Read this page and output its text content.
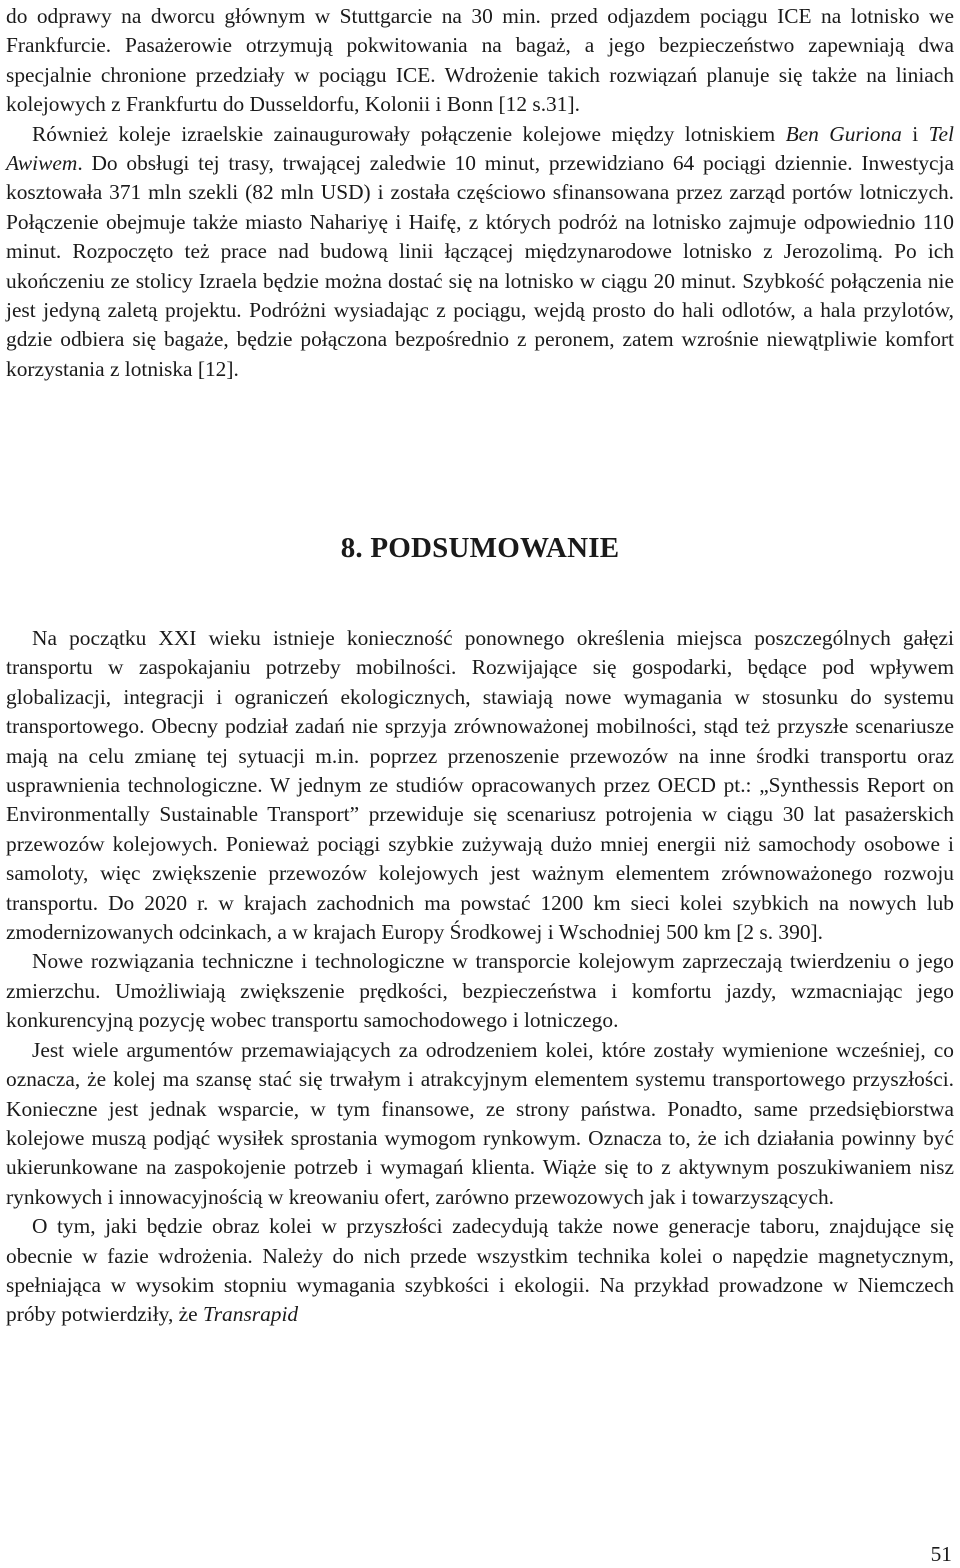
do odprawy na dworcu głównym w Stuttgarcie na 30 min. przed odjazdem pociągu ICE na lotnisko we Frankfurcie. Pasażerowie otrzymują pokwitowania na bagaż, a jego bezpieczeństwo zapewniają dwa specjalnie chronione przedziały w pociągu ICE. Wdrożenie takich rozwiązań planuje się także na liniach kolejowych z Frankfurtu do Dusseldorfu, Kolonii i Bonn [12 s.31].

Również koleje izraelskie zainaugurowały połączenie kolejowe między lotniskiem Ben Guriona i Tel Awiwem. Do obsługi tej trasy, trwającej zaledwie 10 minut, przewidziano 64 pociągi dziennie. Inwestycja kosztowała 371 mln szekli (82 mln USD) i została częściowo sfinansowana przez zarząd portów lotniczych. Połączenie obejmuje także miasto Nahariyę i Haifę, z których podróż na lotnisko zajmuje odpowiednio 110 minut. Rozpoczęto też prace nad budową linii łączącej międzynarodowe lotnisko z Jerozolimą. Po ich ukończeniu ze stolicy Izraela będzie można dostać się na lotnisko w ciągu 20 minut. Szybkość połączenia nie jest jedyną zaletą projektu. Podróżni wysiadając z pociągu, wejdą prosto do hali odlotów, a hala przylotów, gdzie odbiera się bagaże, będzie połączona bezpośrednio z peronem, zatem wzrośnie niewątpliwie komfort korzystania z lotniska [12].

8. PODSUMOWANIE

Na początku XXI wieku istnieje konieczność ponownego określenia miejsca poszczególnych gałęzi transportu w zaspokajaniu potrzeby mobilności. Rozwijające się gospodarki, będące pod wpływem globalizacji, integracji i ograniczeń ekologicznych, stawiają nowe wymagania w stosunku do systemu transportowego. Obecny podział zadań nie sprzyja zrównoważonej mobilności, stąd też przyszłe scenariusze mają na celu zmianę tej sytuacji m.in. poprzez przenoszenie przewozów na inne środki transportu oraz usprawnienia technologiczne. W jednym ze studiów opracowanych przez OECD pt.: „Synthessis Report on Environmentally Sustainable Transport” przewiduje się scenariusz potrojenia w ciągu 30 lat pasażerskich przewozów kolejowych. Ponieważ pociągi szybkie zużywają dużo mniej energii niż samochody osobowe i samoloty, więc zwiększenie przewozów kolejowych jest ważnym elementem zrównoważonego rozwoju transportu. Do 2020 r. w krajach zachodnich ma powstać 1200 km sieci kolei szybkich na nowych lub zmodernizowanych odcinkach, a w krajach Europy Środkowej i Wschodniej 500 km [2 s. 390].

Nowe rozwiązania techniczne i technologiczne w transporcie kolejowym zaprzeczają twierdzeniu o jego zmierzchu. Umożliwiają zwiększenie prędkości, bezpieczeństwa i komfortu jazdy, wzmacniając jego konkurencyjną pozycję wobec transportu samochodowego i lotniczego.

Jest wiele argumentów przemawiających za odrodzeniem kolei, które zostały wymienione wcześniej, co oznacza, że kolej ma szansę stać się trwałym i atrakcyjnym elementem systemu transportowego przyszłości. Konieczne jest jednak wsparcie, w tym finansowe, ze strony państwa. Ponadto, same przedsiębiorstwa kolejowe muszą podjąć wysiłek sprostania wymogom rynkowym. Oznacza to, że ich działania powinny być ukierunkowane na zaspokojenie potrzeb i wymagań klienta. Wiąże się to z aktywnym poszukiwaniem nisz rynkowych i innowacyjnością w kreowaniu ofert, zarówno przewozowych jak i towarzyszących.

O tym, jaki będzie obraz kolei w przyszłości zadecydują także nowe generacje taboru, znajdujące się obecnie w fazie wdrożenia. Należy do nich przede wszystkim technika kolei o napędzie magnetycznym, spełniająca w wysokim stopniu wymagania szybkości i ekologii. Na przykład prowadzone w Niemczech próby potwierdziły, że Transrapid

51
